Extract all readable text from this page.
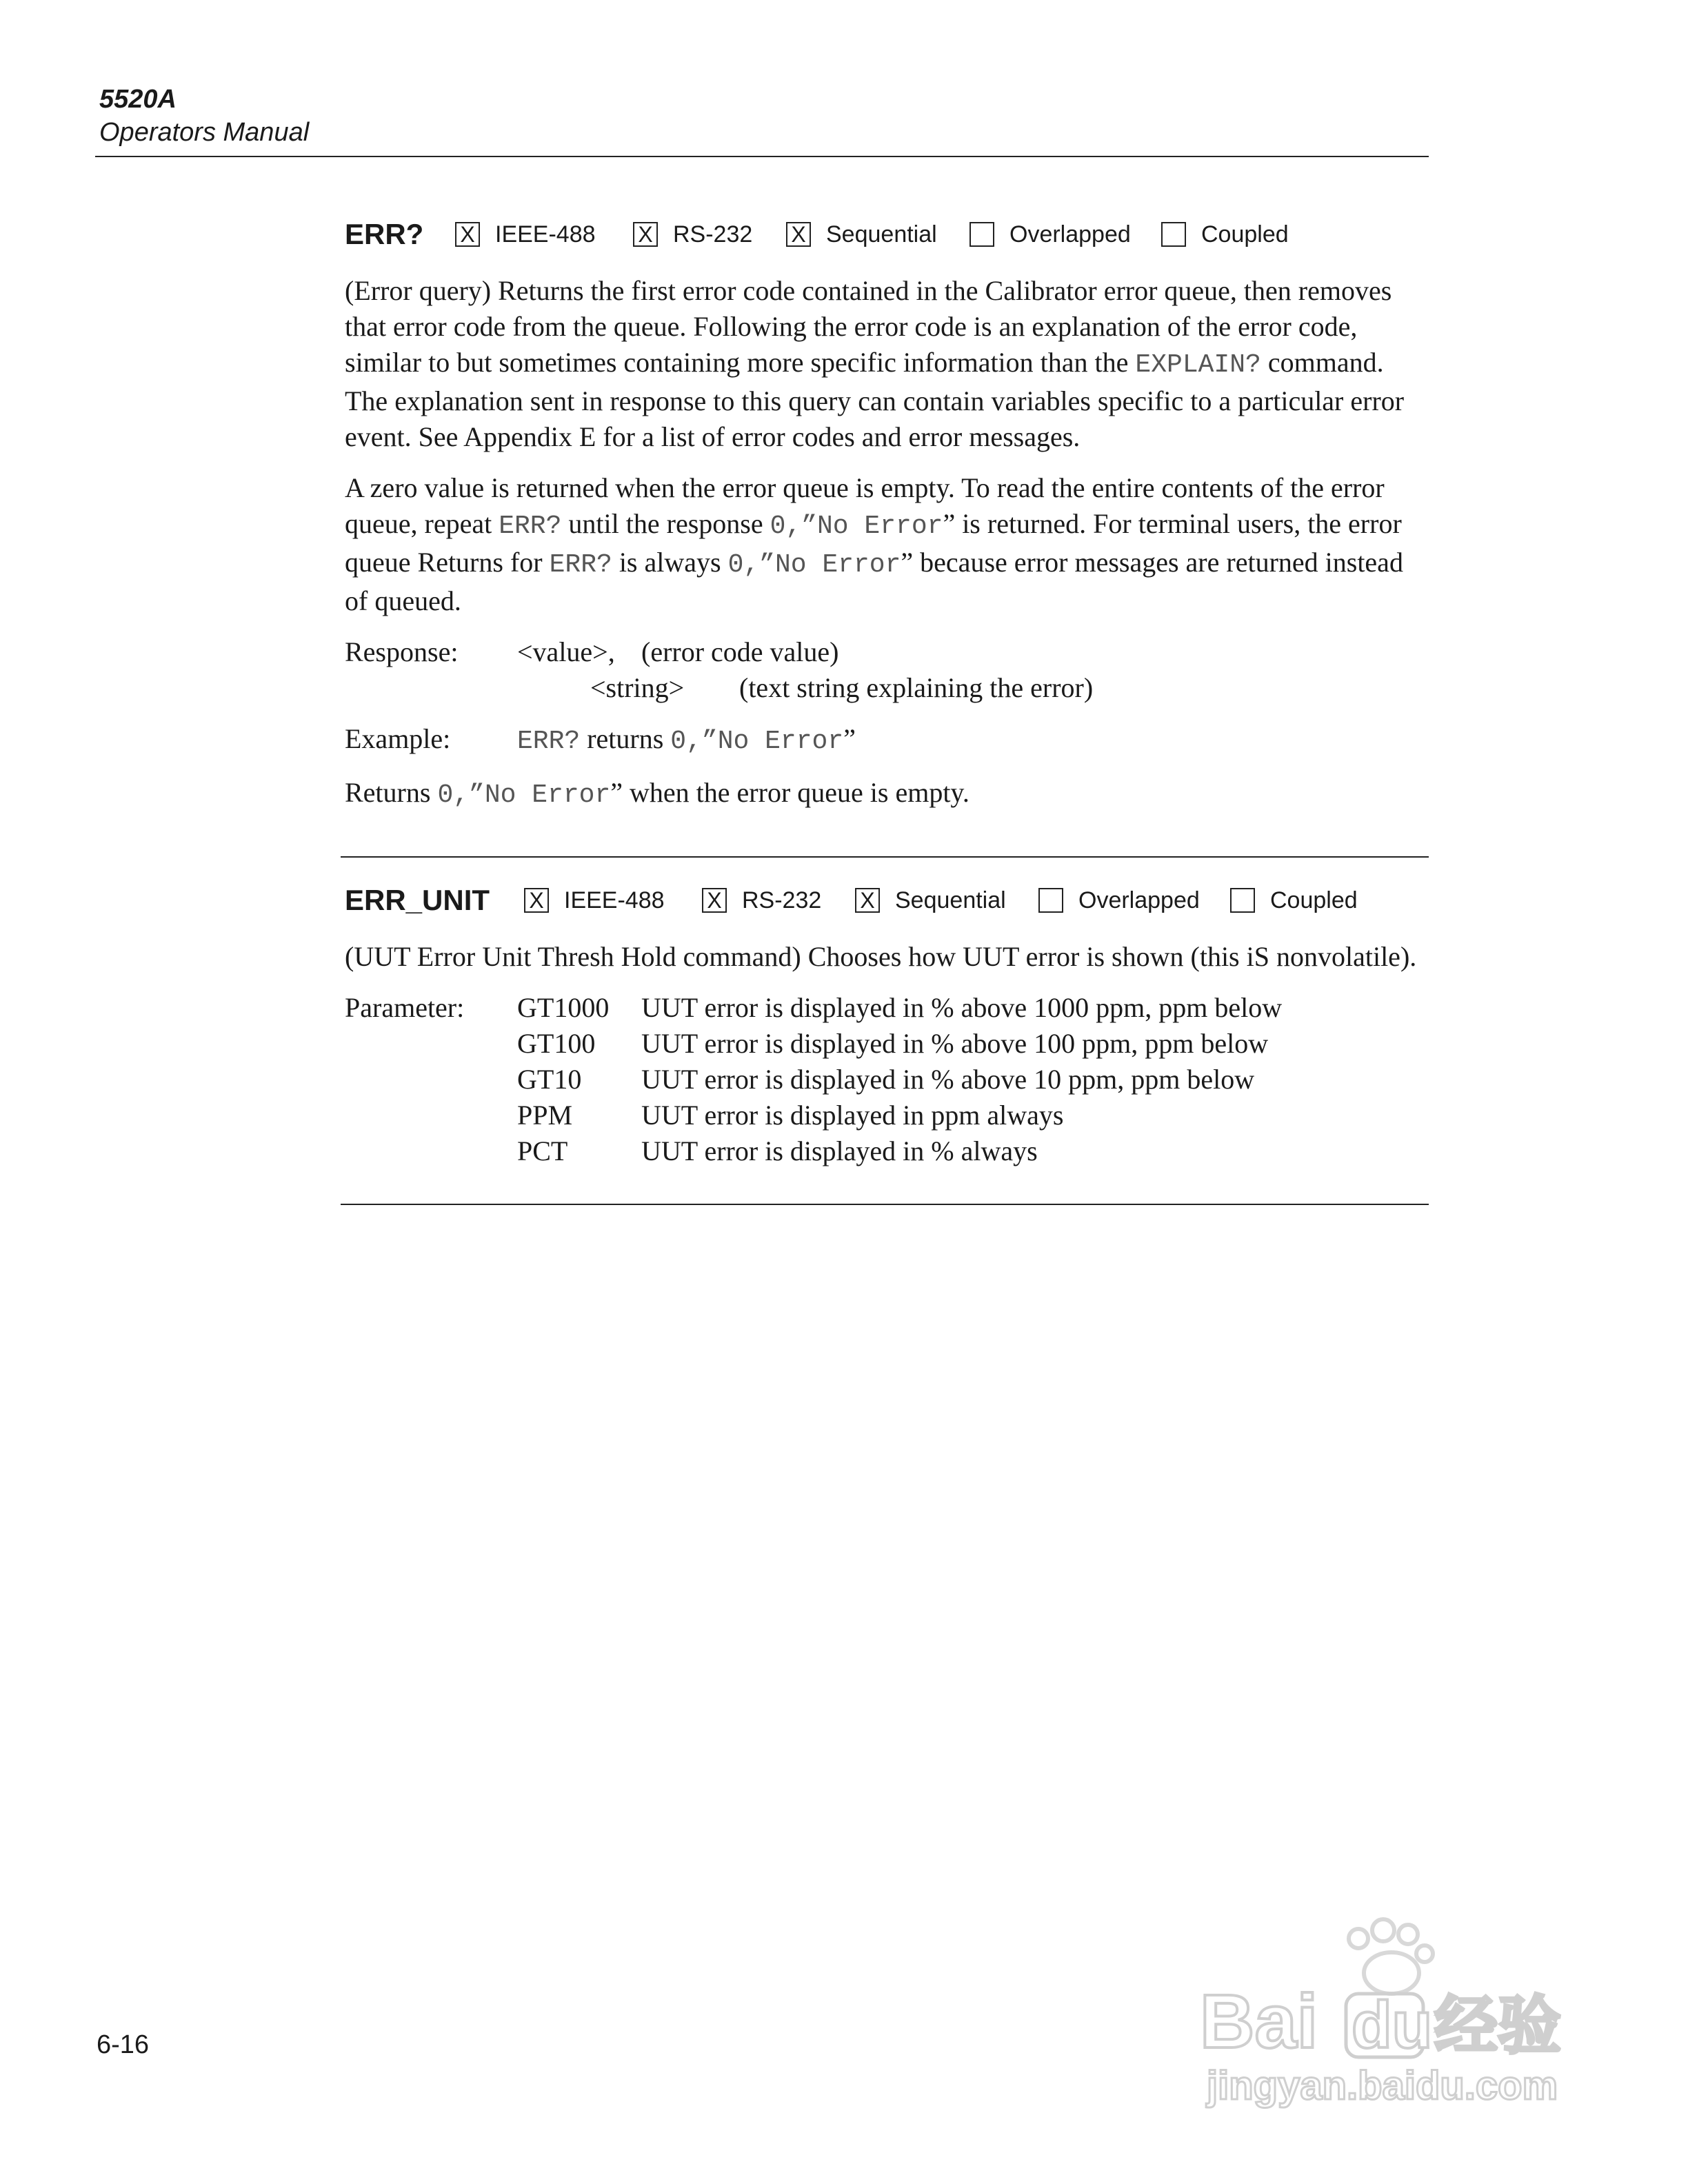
5520A
Operators Manual
ERR?	X IEEE-488 X RS-232 X Sequential	Overlapped	Coupled

(Error query) Returns the first error code contained in the Calibrator error queue, then removes that error code from the queue. Following the error code is an explanation of the error code, similar to but sometimes containing more specific information than the EXPLAIN? command. The explanation sent in response to this query can contain variables specific to a particular error event. See Appendix E for a list of error codes and error messages.

A zero value is returned when the error queue is empty. To read the entire contents of the error queue, repeat ERR? until the response 0,”No Error” is returned. For terminal users, the error queue Returns for ERR? is always 0,”No Error” because error messages are returned instead of queued.

Response:	<value>, (error code value)
<string>	(text string explaining the error)
Example:	ERR? returns 0,”No Error”

Returns 0,”No Error” when the error queue is empty.

ERR_UNIT	X IEEE-488 X RS-232 X Sequential	Overlapped	Coupled

(UUT Error Unit Thresh Hold command) Chooses how UUT error is shown (this iS nonvolatile).

Parameter:	GT1000	UUT error is displayed in % above 1000 ppm, ppm below
GT100	UUT error is displayed in % above 100 ppm, ppm below
GT10	UUT error is displayed in % above 10 ppm, ppm below
PPM	UUT error is displayed in ppm always
PCT	UUT error is displayed in % always
6-16	Bai du 经验
jingyan.baidu.com
